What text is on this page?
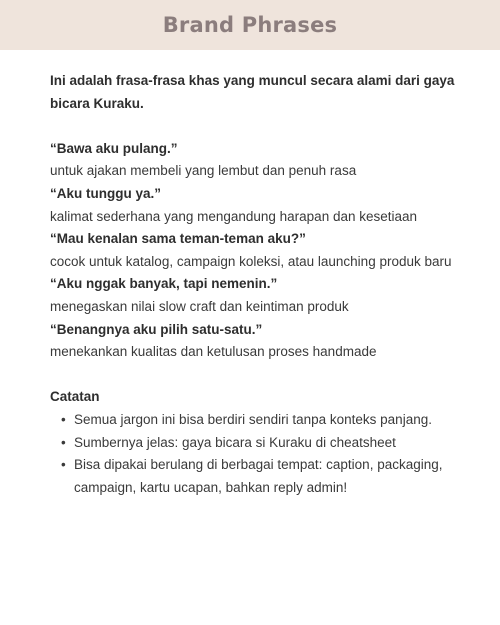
Brand Phrases

Ini adalah frasa-frasa khas yang muncul secara alami dari gaya bicara Kuraku.

“Bawa aku pulang.”

untuk ajakan membeli yang lembut dan penuh rasa

“Aku tunggu ya.”

kalimat sederhana yang mengandung harapan dan kesetiaan

“Mau kenalan sama teman-teman aku?”

cocok untuk katalog, campaign koleksi, atau launching produk baru

“Aku nggak banyak, tapi nemenin.”

menegaskan nilai slow craft dan keintiman produk

“Benangnya aku pilih satu-satu.”

menekankan kualitas dan ketulusan proses handmade

Catatan

• Semua jargon ini bisa berdiri sendiri tanpa konteks panjang.
• Sumbernya jelas: gaya bicara si Kuraku di cheatsheet
• Bisa dipakai berulang di berbagai tempat: caption, packaging, campaign, kartu ucapan, bahkan reply admin!
